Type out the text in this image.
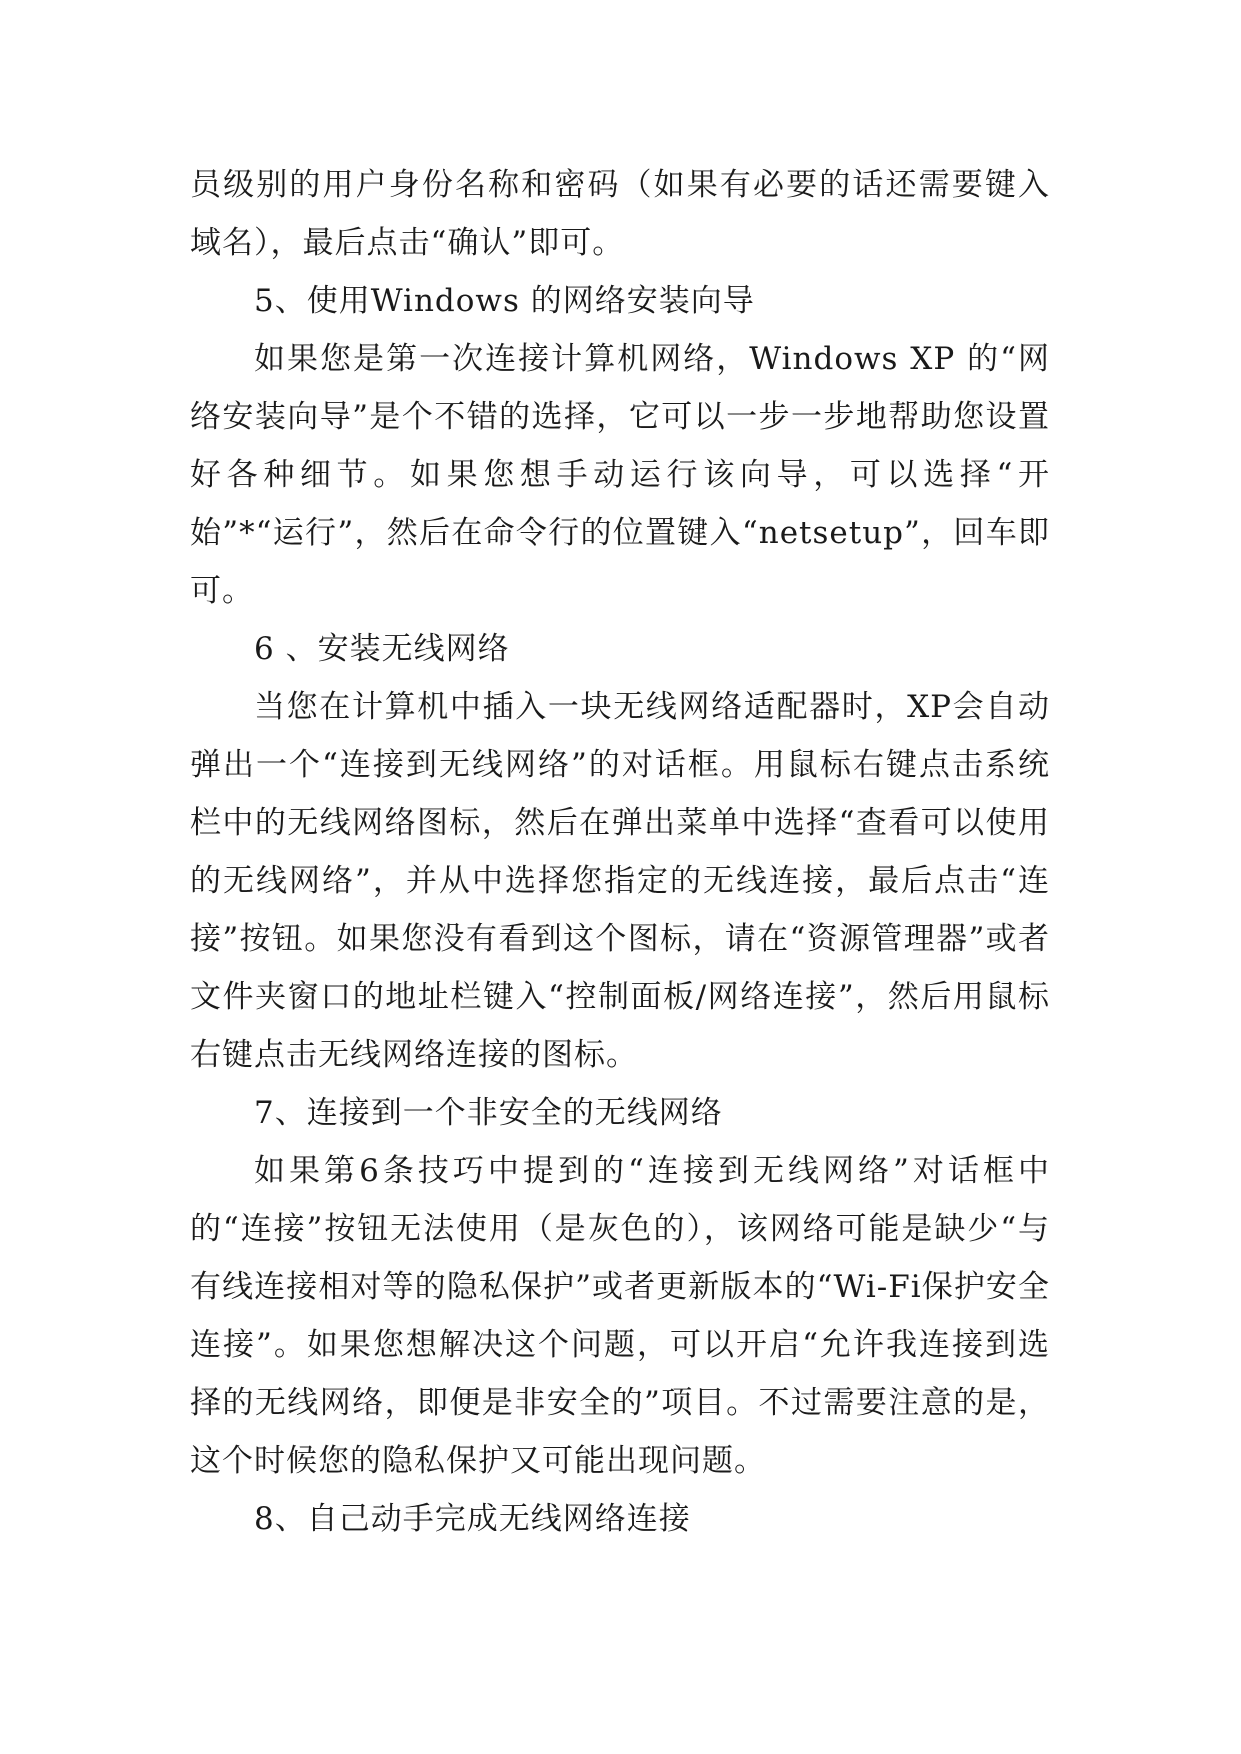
员级别的用户身份名称和密码（如果有必要的话还需要键入域名），最后点击“确认”即可。

5、使用Windows 的网络安装向导

如果您是第一次连接计算机网络，Windows XP 的“网络安装向导”是个不错的选择，它可以一步一步地帮助您设置好各种细节。如果您想手动运行该向导，可以选择“开始”*“运行”，然后在命令行的位置键入“netsetup”，回车即可。

6 、安装无线网络

当您在计算机中插入一块无线网络适配器时，XP会自动弹出一个“连接到无线网络”的对话框。用鼠标右键点击系统栏中的无线网络图标，然后在弹出菜单中选择“查看可以使用的无线网络”，并从中选择您指定的无线连接，最后点击“连接”按钮。如果您没有看到这个图标，请在“资源管理器”或者文件夹窗口的地址栏键入“控制面板/网络连接”，然后用鼠标右键点击无线网络连接的图标。

7、连接到一个非安全的无线网络

如果第6条技巧中提到的“连接到无线网络”对话框中的“连接”按钮无法使用（是灰色的），该网络可能是缺少“与有线连接相对等的隐私保护”或者更新版本的“Wi-Fi保护安全连接”。如果您想解决这个问题，可以开启“允许我连接到选择的无线网络，即便是非安全的”项目。不过需要注意的是，这个时候您的隐私保护又可能出现问题。

8、自己动手完成无线网络连接
